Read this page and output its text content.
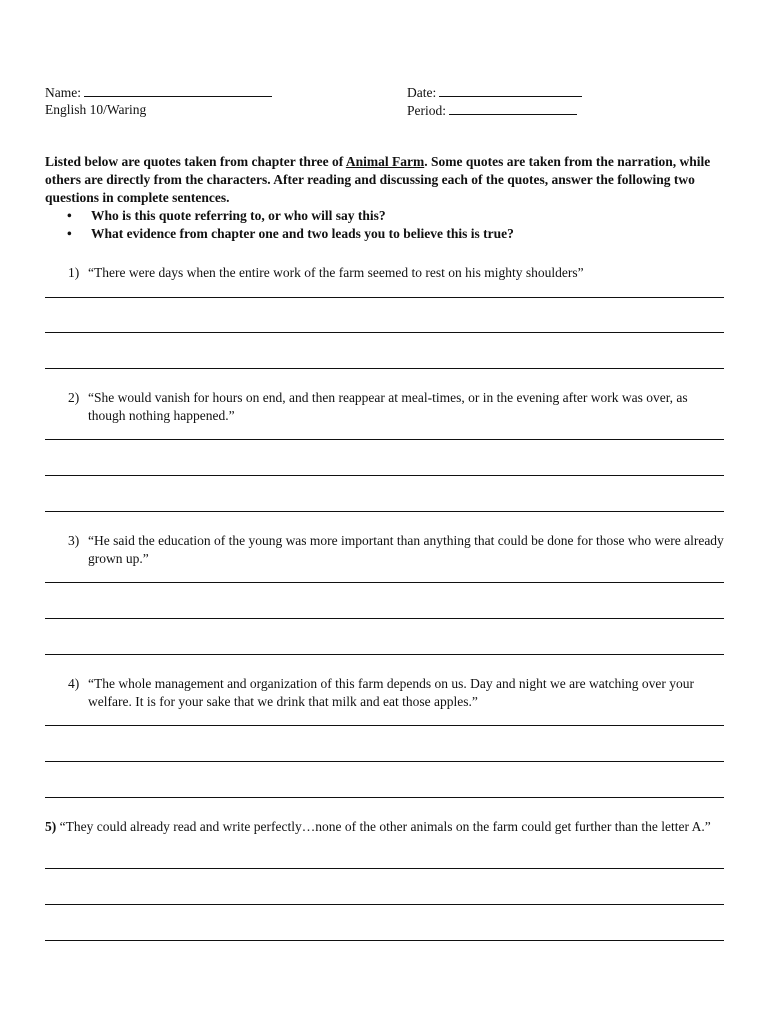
Name:	Date:
English 10/Waring	Period:

Listed below are quotes taken from chapter three of Animal Farm. Some quotes are taken from the narration, while others are directly from the characters. After reading and discussing each of the quotes, answer the following two questions in complete sentences.

• Who is this quote referring to, or who will say this?
• What evidence from chapter one and two leads you to believe this is true?
1) “There were days when the entire work of the farm seemed to rest on his mighty shoulders”
2) “She would vanish for hours on end, and then reappear at meal-times, or in the evening after work was over, as though nothing happened.”
3) “He said the education of the young was more important than anything that could be done for those who were already grown up.”
4) “The whole management and organization of this farm depends on us. Day and night we are watching over your welfare. It is for your sake that we drink that milk and eat those apples.”

5) “They could already read and write perfectly…none of the other animals on the farm could get further than the letter A.”
